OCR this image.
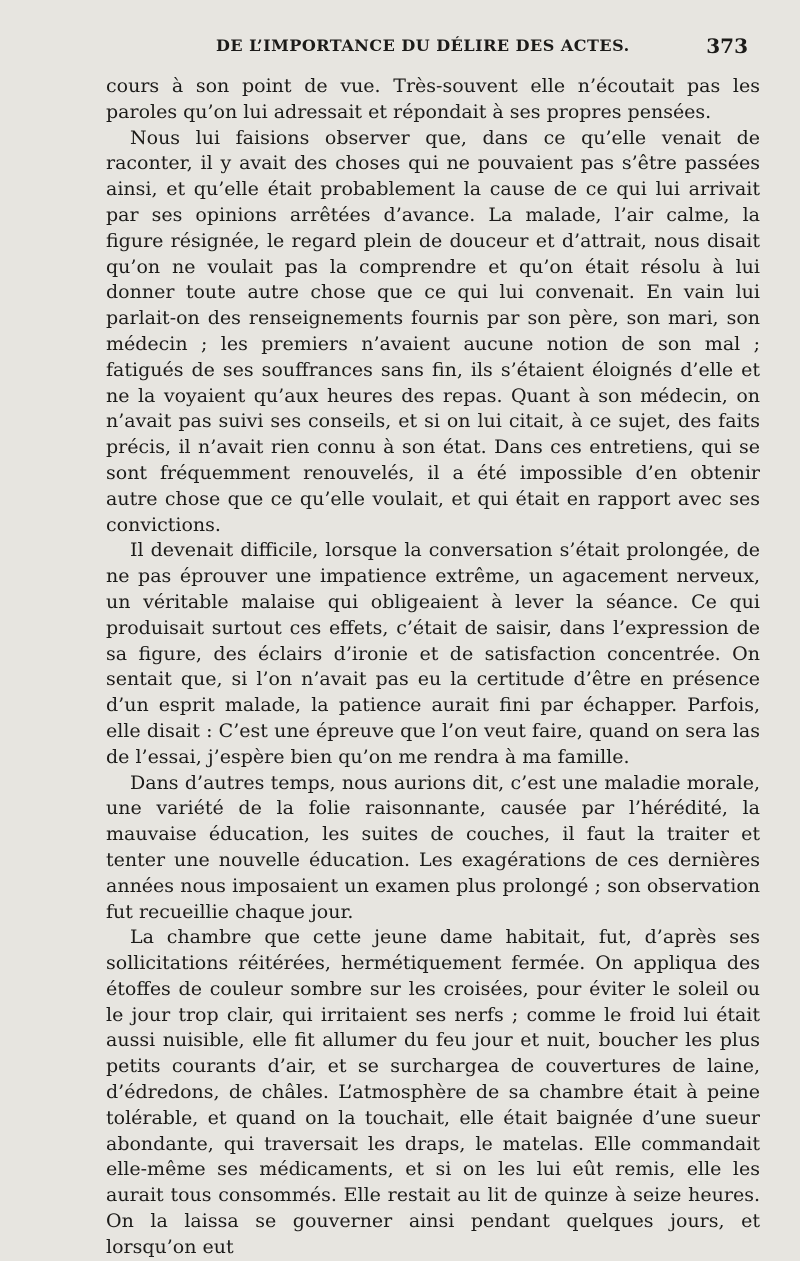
DE L’IMPORTANCE DU DÉLIRE DES ACTES.	373

cours à son point de vue. Très-souvent elle n’écoutait pas les paroles qu’on lui adressait et répondait à ses propres pensées.

Nous lui faisions observer que, dans ce qu’elle venait de raconter, il y avait des choses qui ne pouvaient pas s’être passées ainsi, et qu’elle était probablement la cause de ce qui lui arrivait par ses opinions arrêtées d’avance. La malade, l’air calme, la figure résignée, le regard plein de douceur et d’attrait, nous disait qu’on ne voulait pas la comprendre et qu’on était résolu à lui donner toute autre chose que ce qui lui convenait. En vain lui parlait-on des renseignements fournis par son père, son mari, son médecin ; les premiers n’avaient aucune notion de son mal ; fatigués de ses souffrances sans fin, ils s’étaient éloignés d’elle et ne la voyaient qu’aux heures des repas. Quant à son médecin, on n’avait pas suivi ses conseils, et si on lui citait, à ce sujet, des faits précis, il n’avait rien connu à son état. Dans ces entretiens, qui se sont fréquemment renouvelés, il a été impossible d’en obtenir autre chose que ce qu’elle voulait, et qui était en rapport avec ses convictions.

Il devenait difficile, lorsque la conversation s’était prolongée, de ne pas éprouver une impatience extrême, un agacement nerveux, un véritable malaise qui obligeaient à lever la séance. Ce qui produisait surtout ces effets, c’était de saisir, dans l’expression de sa figure, des éclairs d’ironie et de satisfaction concentrée. On sentait que, si l’on n’avait pas eu la certitude d’être en présence d’un esprit malade, la patience aurait fini par échapper. Parfois, elle disait : C’est une épreuve que l’on veut faire, quand on sera las de l’essai, j’espère bien qu’on me rendra à ma famille.

Dans d’autres temps, nous aurions dit, c’est une maladie morale, une variété de la folie raisonnante, causée par l’hérédité, la mauvaise éducation, les suites de couches, il faut la traiter et tenter une nouvelle éducation. Les exagérations de ces dernières années nous imposaient un examen plus prolongé ; son observation fut recueillie chaque jour.

La chambre que cette jeune dame habitait, fut, d’après ses sollicitations réitérées, hermétiquement fermée. On appliqua des étoffes de couleur sombre sur les croisées, pour éviter le soleil ou le jour trop clair, qui irritaient ses nerfs ; comme le froid lui était aussi nuisible, elle fit allumer du feu jour et nuit, boucher les plus petits courants d’air, et se surchargea de couvertures de laine, d’édredons, de châles. L’atmosphère de sa chambre était à peine tolérable, et quand on la touchait, elle était baignée d’une sueur abondante, qui traversait les draps, le matelas. Elle commandait elle-même ses médicaments, et si on les lui eût remis, elle les aurait tous consommés. Elle restait au lit de quinze à seize heures. On la laissa se gouverner ainsi pendant quelques jours, et lorsqu’on eut
